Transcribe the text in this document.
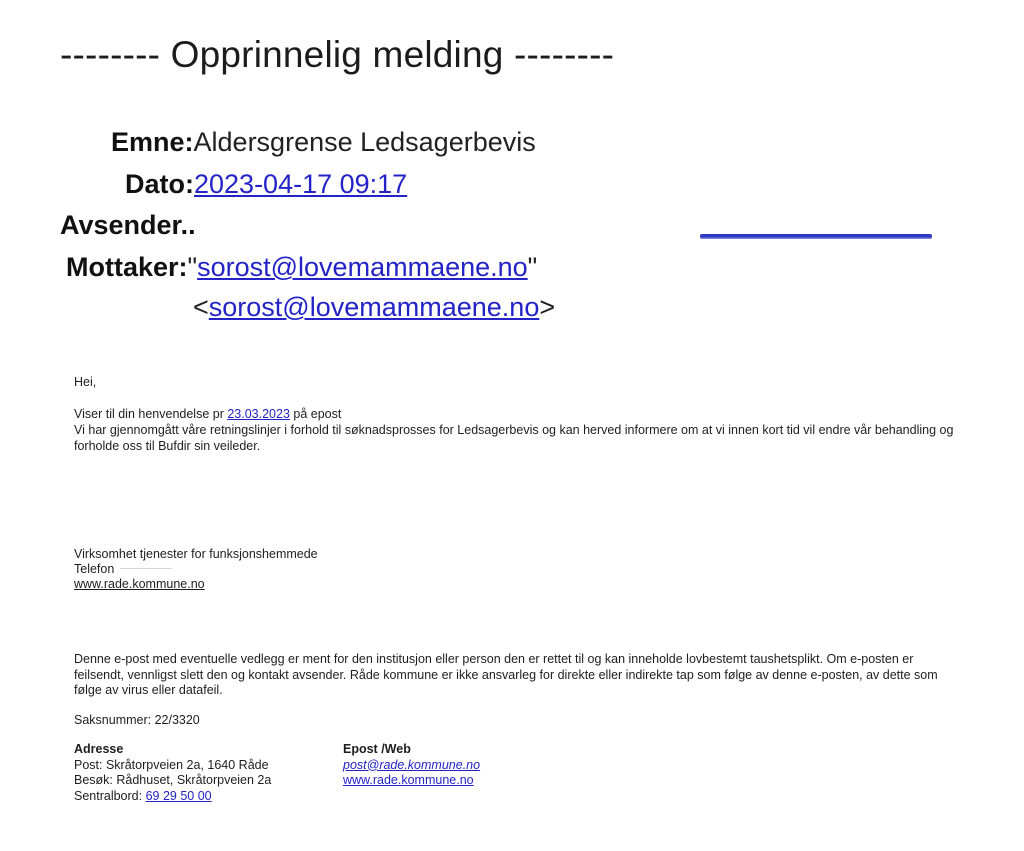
-------- Opprinnelig melding --------
Emne:Aldersgrense Ledsagerbevis
Dato:2023-04-17 09:17
Avsender..
Mottaker:"sorost@lovemammaene.no"
<sorost@lovemammaene.no>
Hei,
Viser til din henvendelse pr 23.03.2023 på epost
Vi har gjennomgått våre retningslinjer i forhold til søknadsprosses for Ledsagerbevis og kan herved informere om at vi innen kort tid vil endre vår behandling og forholde oss til Bufdir sin veileder.
Virksomhet tjenester for funksjonshemmede
Telefon
www.rade.kommune.no
Denne e-post med eventuelle vedlegg er ment for den institusjon eller person den er rettet til og kan inneholde lovbestemt taushetsplikt. Om e-posten er feilsendt, vennligst slett den og kontakt avsender. Råde kommune er ikke ansvarleg for direkte eller indirekte tap som følge av denne e-posten, av dette som følge av virus eller datafeil.
Saksnummer: 22/3320
Adresse
Post: Skråtorpveien 2a, 1640 Råde
Besøk: Rådhuset, Skråtorpveien 2a
Sentralbord: 69 29 50 00
Epost /Web
post@rade.kommune.no
www.rade.kommune.no
